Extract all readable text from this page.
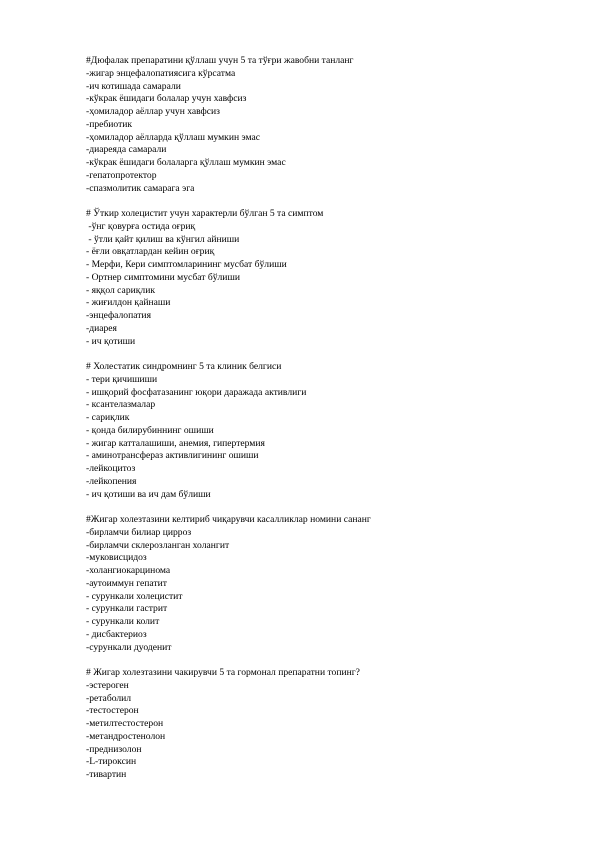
#Дюфалак препаратини қўллаш учун 5 та тўғри жавобни танланг
-жигар энцефалопатиясига кўрсатма
-ич котишада самарали
-кўкрак ёшидаги болалар учун хавфсиз
-ҳомиладор аёллар учун хавфсиз
-пребиотик
-ҳомиладор аёлларда қўллаш мумкин эмас
-диареяда самарали
-кўкрак ёшидаги болаларга қўллаш мумкин эмас
-гепатопротектор
-спазмолитик самарага эга
# Ўткир холецистит учун характерли бўлган 5 та симптом
-ўнг қовурға остида оғриқ
- ўтли қайт қилиш ва кўнгил айниши
- ёғли овқатлардан кейин оғриқ
- Мерфи, Кери симптомларининг мусбат бўлиши
- Ортнер симптомини мусбат бўлиши
- яққол сариқлик
- жиғилдон қайнаши
-энцефалопатия
-диарея
- ич қотиши
# Холестатик синдромнинг 5 та клиник белгиси
- тери қичишиши
- ишқорий фосфатазанинг юқори даражада активлиги
- ксантелазмалар
- сариқлик
- қонда билирубиннинг ошиши
- жигар катталашиши, анемия, гипертермия
- аминотрансфераз активлигининг ошиши
-лейкоцитоз
-лейкопения
- ич қотиши ва ич дам бўлиши
#Жигар холезтазини келтириб чиқарувчи касалликлар номини сананг
-бирламчи билиар цирроз
-бирламчи склерозланган холангит
-муковисцидоз
-холангиокарцинома
-аутоиммун гепатит
- сурункали холецистит
- сурункали гастрит
- сурункали колит
- дисбактериоз
-сурункали дуоденит
# Жигар холезтазини чакирувчи 5 та гормонал препаратни топинг?
-эстероген
-ретаболил
-тестостерон
-метилтестостерон
-метандростенолон
-преднизолон
-L-тироксин
-тивартин
